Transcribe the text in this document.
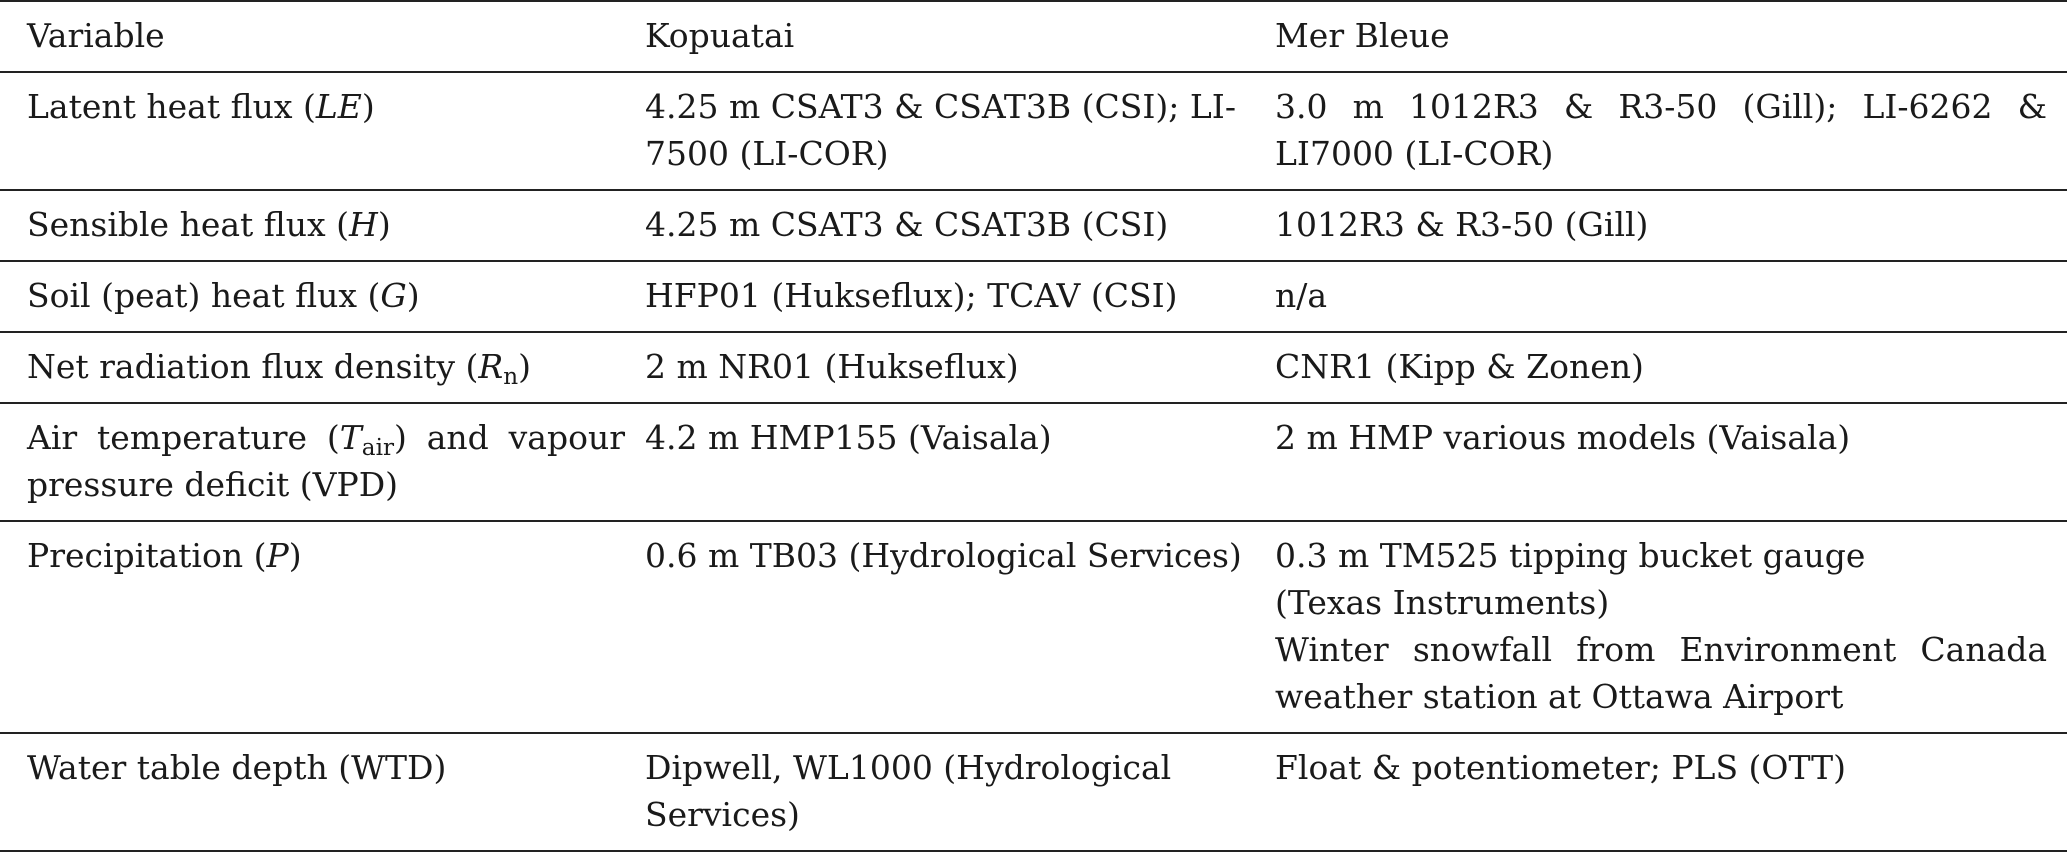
Variable	Kopuatai	Mer Bleue
Latent heat flux (LE)	4.25 m CSAT3 & CSAT3B (CSI); LI-7500 (LI-COR)	3.0 m 1012R3 & R3-50 (Gill); LI-6262 & LI7000 (LI-COR)
Sensible heat flux (H)	4.25 m CSAT3 & CSAT3B (CSI)	1012R3 & R3-50 (Gill)
Soil (peat) heat flux (G)	HFP01 (Hukseflux); TCAV (CSI)	n/a
Net radiation flux density $(R_n)$	2 m NR01 (Hukseflux)	CNR1 (Kipp & Zonen)
Air temperature $(T_{air})$ and vapour pressure deficit (VPD)	4.2 m HMP155 (Vaisala)	2 m HMP various models (Vaisala)
Precipitation (P)	0.6 m TB03 (Hydrological Services)	0.3 m TM525 tipping bucket gauge
(Texas Instruments)
Winter snowfall from Environment Canada weather station at Ottawa Airport

Water table depth (WTD)	Dipwell, WL1000 (Hydrological Services)	Float & potentiometer; PLS (OTT)
